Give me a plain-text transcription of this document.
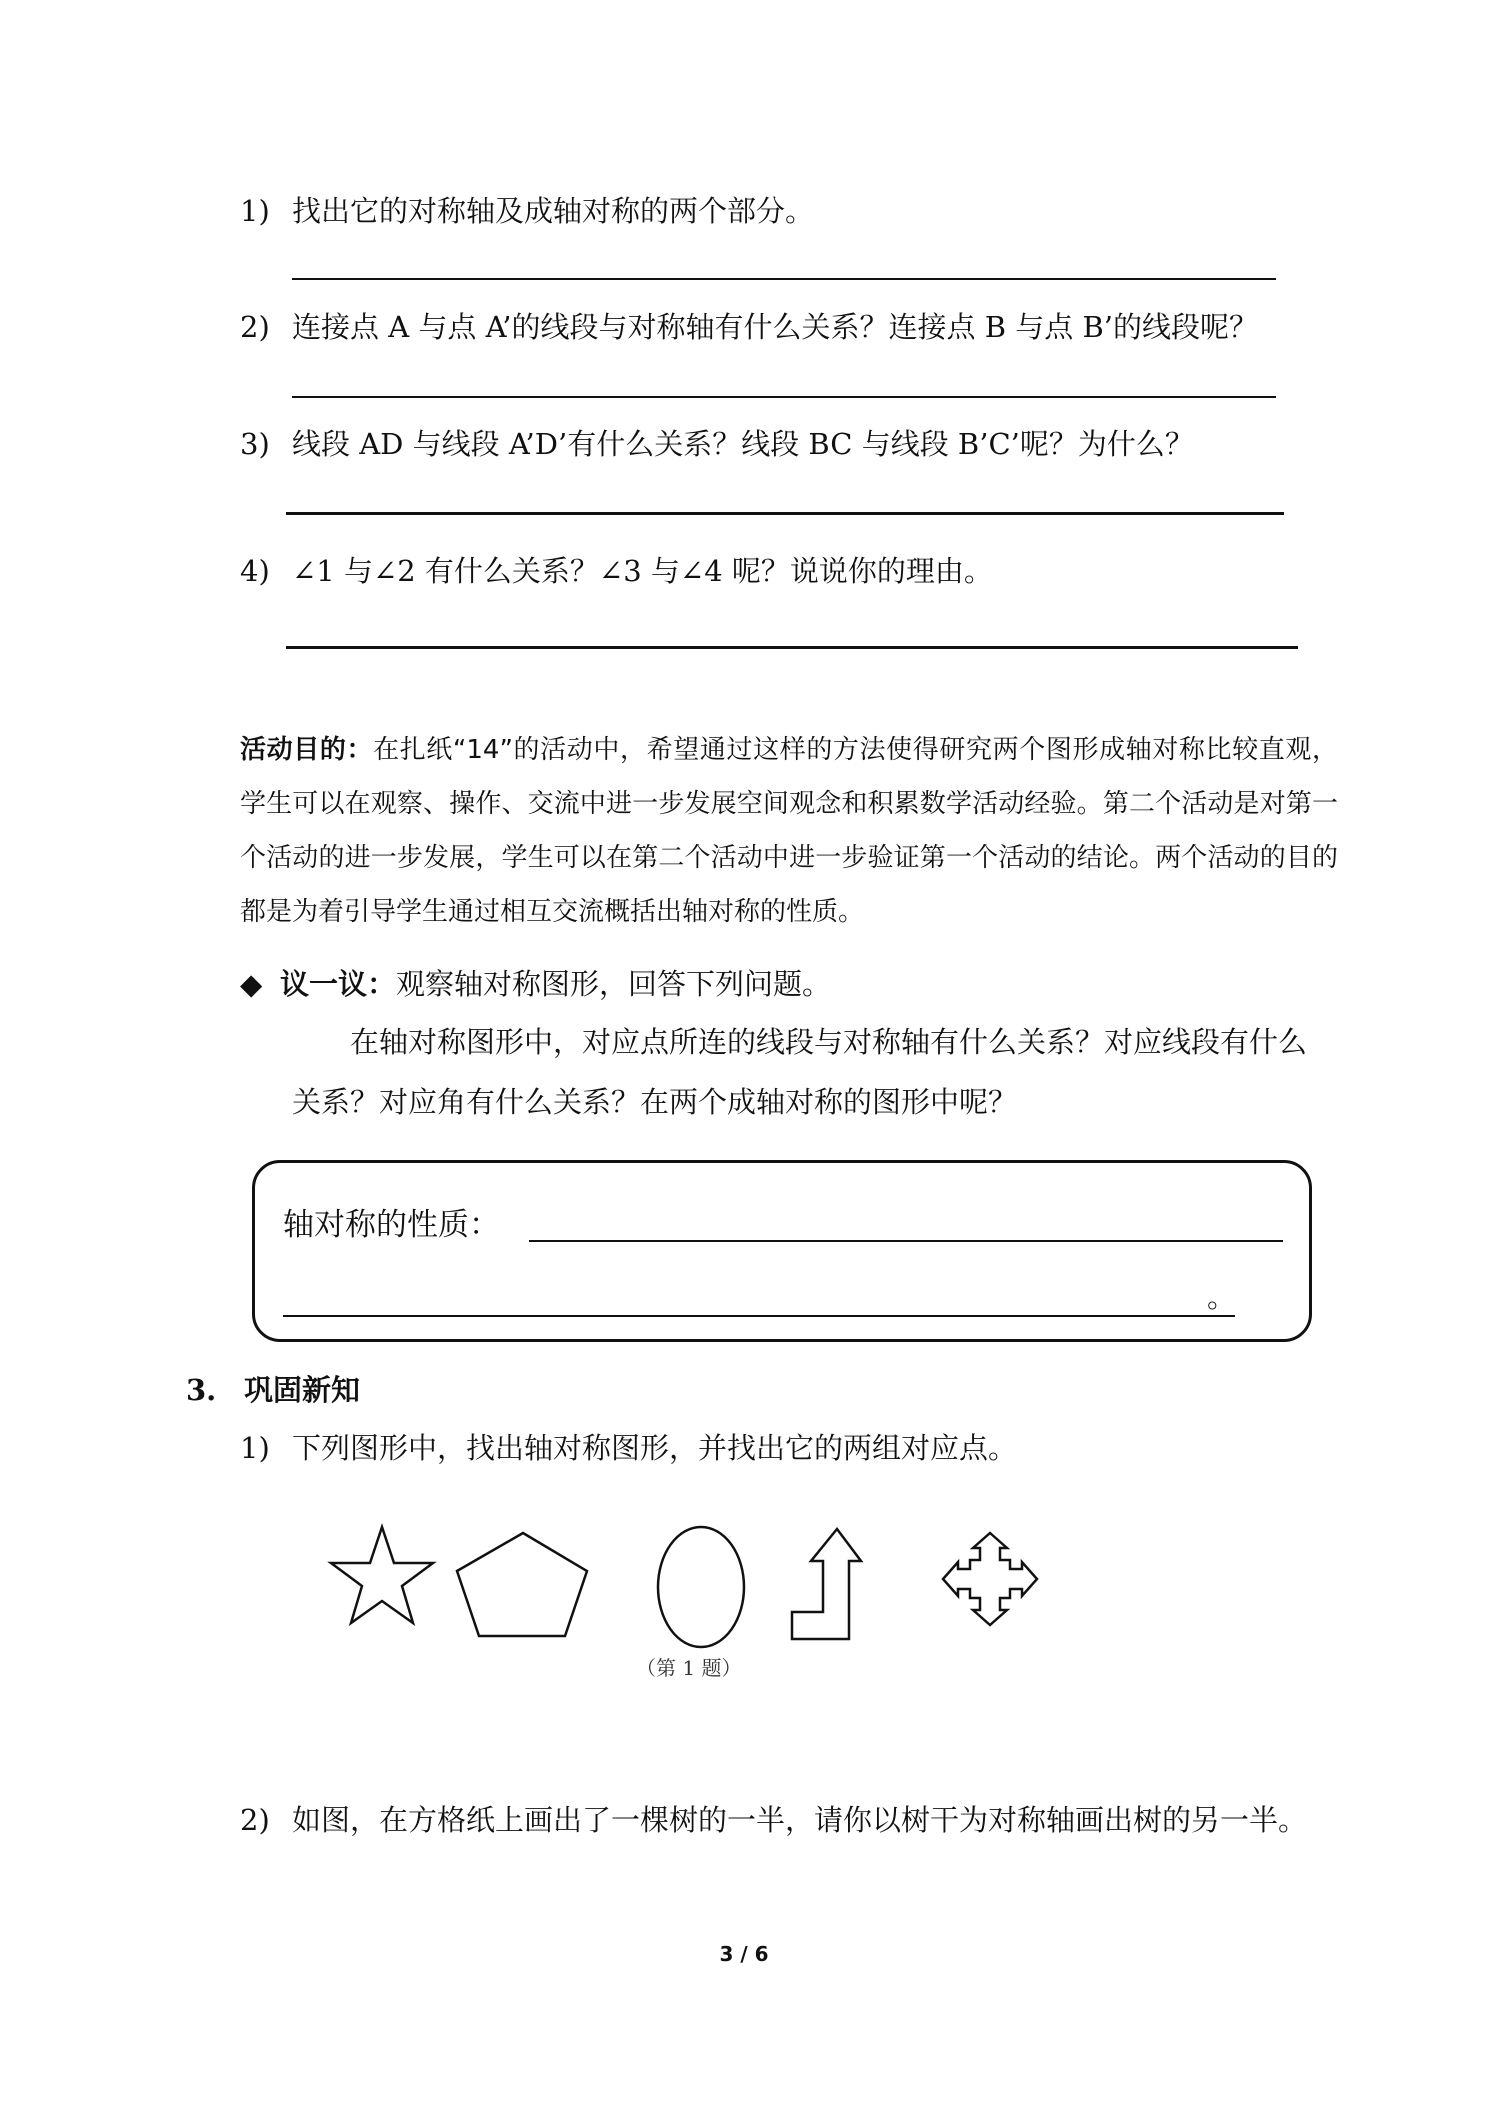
1) 找出它的对称轴及成轴对称的两个部分。
2) 连接点 A 与点 A’的线段与对称轴有什么关系？连接点 B 与点 B’的线段呢？
3) 线段 AD 与线段 A’D’有什么关系？线段 BC 与线段 B’C’呢？为什么？
4) ∠1 与∠2 有什么关系？∠3 与∠4 呢？说说你的理由。

活动目的：在扎纸“14”的活动中，希望通过这样的方法使得研究两个图形成轴对称比较直观，学生可以在观察、操作、交流中进一步发展空间观念和积累数学活动经验。第二个活动是对第一个活动的进一步发展，学生可以在第二个活动中进一步验证第一个活动的结论。两个活动的目的都是为着引导学生通过相互交流概括出轴对称的性质。

◆ 议一议：观察轴对称图形，回答下列问题。
在轴对称图形中，对应点所连的线段与对称轴有什么关系？对应线段有什么
关系？对应角有什么关系？在两个成轴对称的图形中呢？
轴对称的性质：
。
3. 巩固新知
1) 下列图形中，找出轴对称图形，并找出它的两组对应点。
（第 1 题）
2) 如图，在方格纸上画出了一棵树的一半，请你以树干为对称轴画出树的另一半。
3 / 6
